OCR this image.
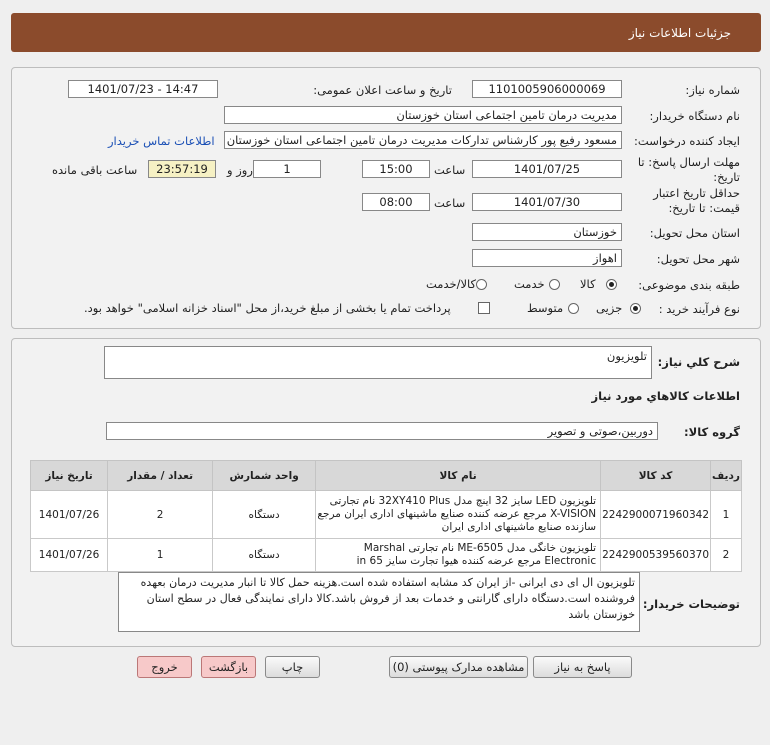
جزئیات اطلاعات نیاز
شماره نیاز:
1101005906000069
تاریخ و ساعت اعلان عمومی:
1401/07/23 - 14:47
نام دستگاه خریدار:
مدیریت درمان تامین اجتماعی استان خوزستان
ایجاد کننده درخواست:
مسعود رفیع پور کارشناس تدارکات مدیریت درمان تامین اجتماعی استان خوزستان
اطلاعات تماس خریدار
مهلت ارسال پاسخ: تا تاریخ:
1401/07/25
ساعت
15:00
1
روز و
23:57:19
ساعت باقی مانده
حداقل تاریخ اعتبار قیمت: تا تاریخ:
1401/07/30
ساعت
08:00
استان محل تحویل:
خوزستان
شهر محل تحویل:
اهواز
طبقه بندی موضوعی:
کالا
خدمت
کالا/خدمت
نوع فرآیند خرید :
جزیی
متوسط
پرداخت تمام یا بخشی از مبلغ خرید،از محل "اسناد خزانه اسلامی" خواهد بود.
شرح کلي نياز:
تلویزیون
اطلاعات کالاهاي مورد نياز
گروه کالا:
دوربین،صوتی و تصویر
ردیف	کد کالا	نام کالا	واحد شمارش	تعداد / مقدار	تاریخ نیاز
1	2242900071960342	تلویزیون LED سایز 32 اینچ مدل 32XY410 Plus نام تجارتی X-VISION مرجع عرضه کننده صنایع ماشینهای اداری ایران مرجع سازنده صنایع ماشینهای اداری ایران	دستگاه	2	1401/07/26
2	2242900539560370	تلویزیون خانگی مدل ME-6505 نام تجارتی Marshal Electronic مرجع عرضه کننده هیوا تجارت سایز 65 in	دستگاه	1	1401/07/26
توضیحات خریدار:
تلویزیون ال ای دی ایرانی -از ایران کد مشابه استفاده شده است.هزینه حمل کالا تا انبار مدیریت درمان بعهده فروشنده است.دستگاه دارای گارانتی و خدمات بعد از فروش باشد.کالا دارای نمایندگی فعال در سطح استان خوزستان باشد
پاسخ به نیاز
مشاهده مدارک پیوستی (0)
چاپ
بازگشت
خروج
